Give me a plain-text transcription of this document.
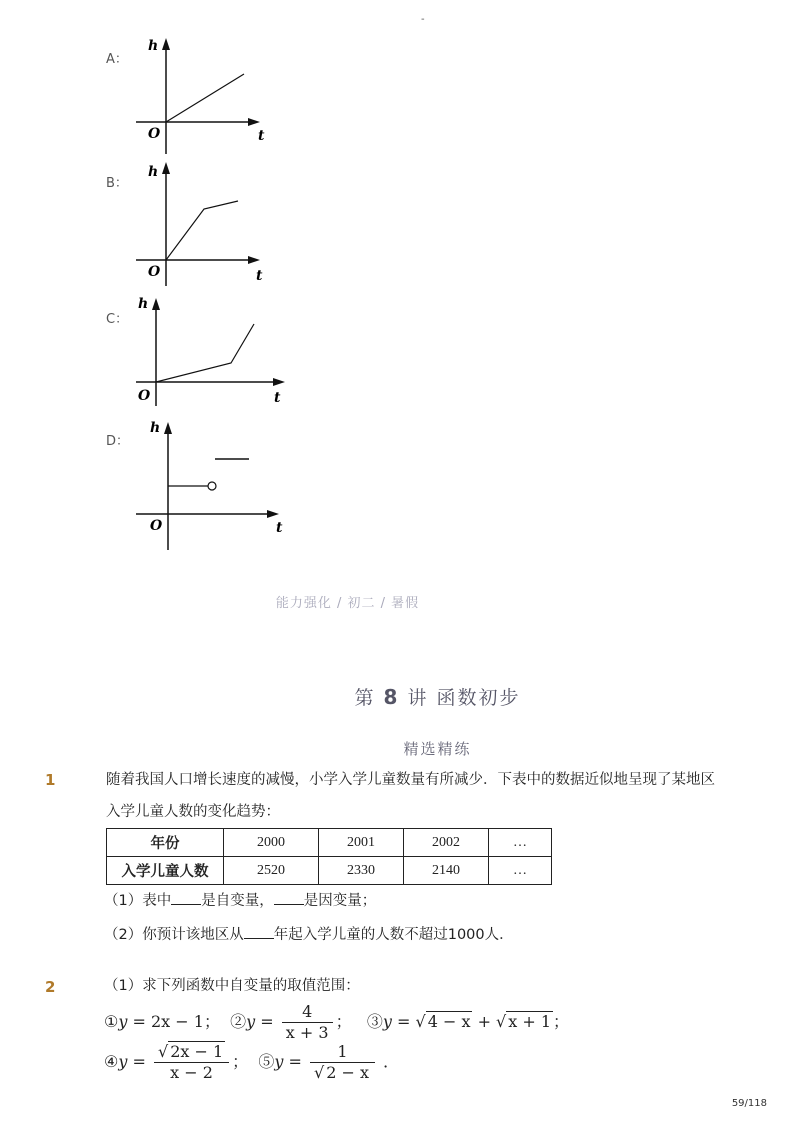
-
A：
h
t
O
B：
h
t
O
C：
h
t
O
D：
h
t
O
能力强化 / 初二 / 暑假
第 8 讲 函数初步
精选精练
1	随着我国人口增长速度的减慢，小学入学儿童数量有所减少．下表中的数据近似地呈现了某地区
入学儿童人数的变化趋势：
年份	2000	2001	2002	…
入学儿童人数	2520	2330	2140	…
（1）表中 是自变量， 是因变量；
（2）你预计该地区从 年起入学儿童的人数不超过1000人．
2	（1）求下列函数中自变量的取值范围：
①y = 2x − 1； ②y = $\frac{4}{x + 3}$ ； ③y = √ 4 − x + √ x + 1 ；
④y = $\frac{√ 2x - 1}{x - 2}$ ； ⑤y = $\frac{1}{√ 2 - x}$ ．
59/118
